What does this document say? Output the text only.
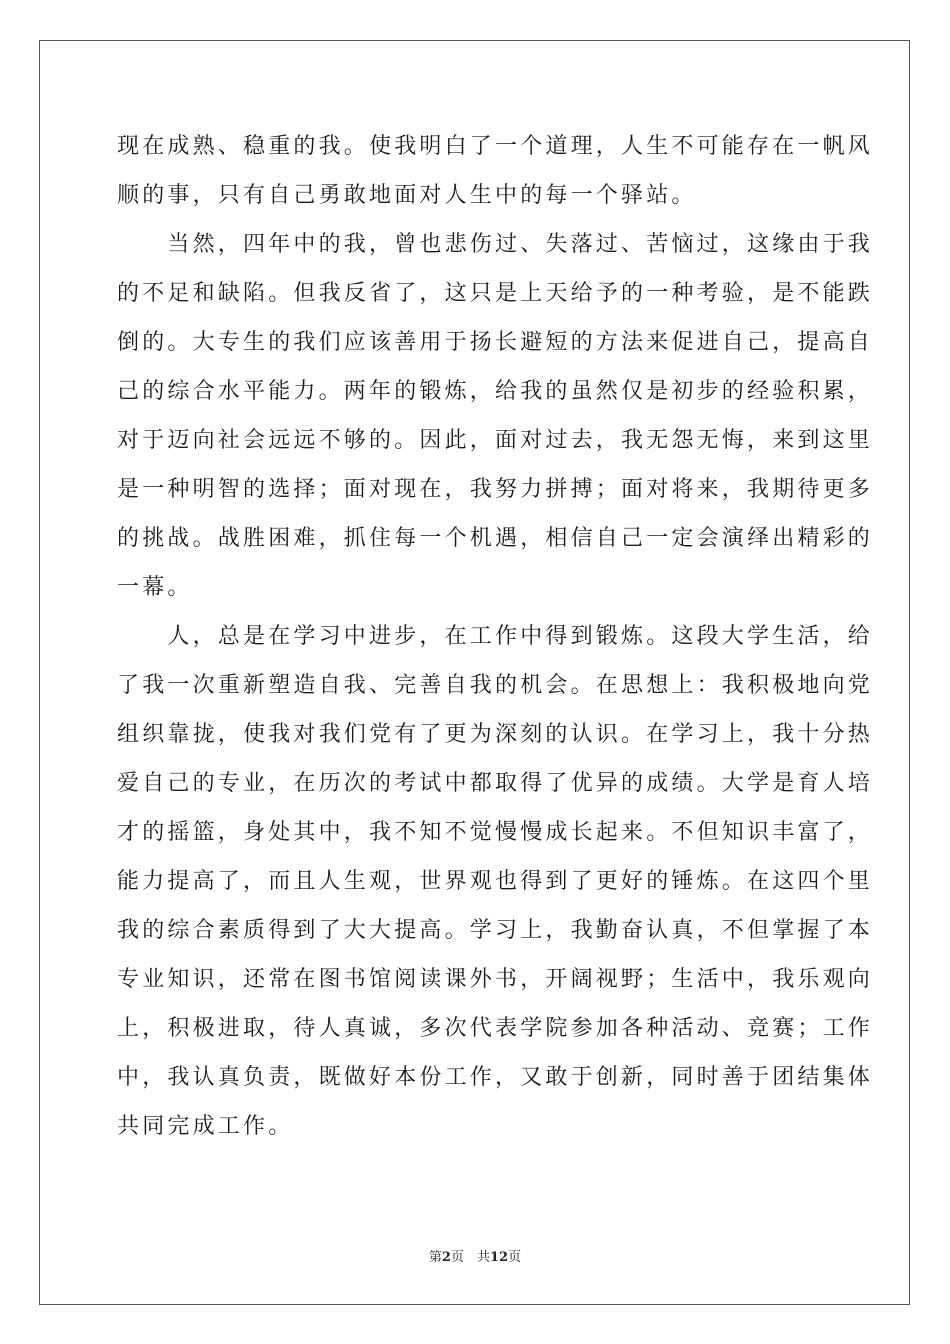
现在成熟、稳重的我。使我明白了一个道理，人生不可能存在一帆风
顺的事，只有自己勇敢地面对人生中的每一个驿站。
　　当然，四年中的我，曾也悲伤过、失落过、苦恼过，这缘由于我
的不足和缺陷。但我反省了，这只是上天给予的一种考验，是不能跌
倒的。大专生的我们应该善用于扬长避短的方法来促进自己，提高自
己的综合水平能力。两年的锻炼，给我的虽然仅是初步的经验积累，
对于迈向社会远远不够的。因此，面对过去，我无怨无悔，来到这里
是一种明智的选择；面对现在，我努力拼搏；面对将来，我期待更多
的挑战。战胜困难，抓住每一个机遇，相信自己一定会演绎出精彩的
一幕。
　　人，总是在学习中进步，在工作中得到锻炼。这段大学生活，给
了我一次重新塑造自我、完善自我的机会。在思想上：我积极地向党
组织靠拢，使我对我们党有了更为深刻的认识。在学习上，我十分热
爱自己的专业，在历次的考试中都取得了优异的成绩。大学是育人培
才的摇篮，身处其中，我不知不觉慢慢成长起来。不但知识丰富了，
能力提高了，而且人生观，世界观也得到了更好的锤炼。在这四个里
我的综合素质得到了大大提高。学习上，我勤奋认真，不但掌握了本
专业知识，还常在图书馆阅读课外书，开阔视野；生活中，我乐观向
上，积极进取，待人真诚，多次代表学院参加各种活动、竞赛；工作
中，我认真负责，既做好本份工作，又敢于创新，同时善于团结集体
共同完成工作。
第2页　共12页
